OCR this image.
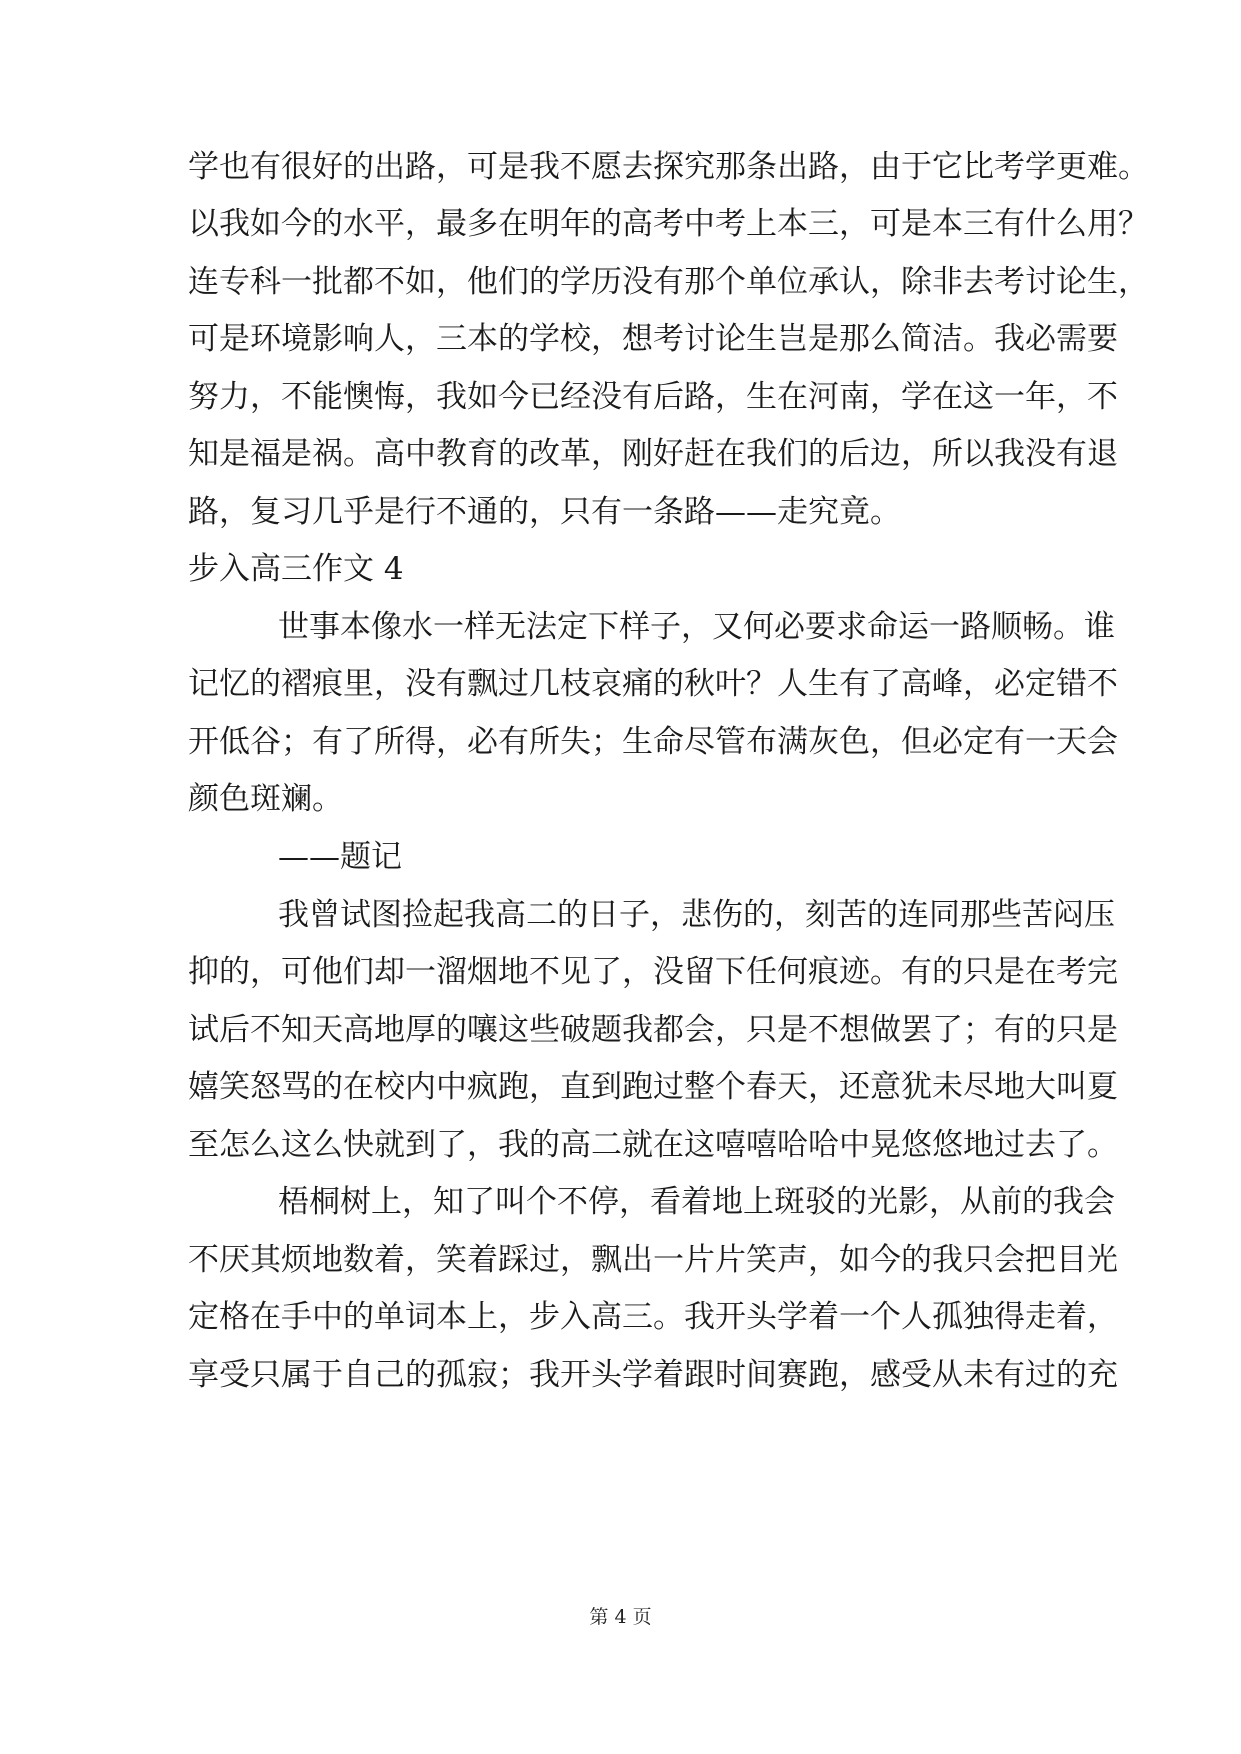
学也有很好的出路，可是我不愿去探究那条出路，由于它比考学更难。
以我如今的水平，最多在明年的高考中考上本三，可是本三有什么用？
连专科一批都不如，他们的学历没有那个单位承认，除非去考讨论生，
可是环境影响人，三本的学校，想考讨论生岂是那么简洁。我必需要
努力，不能懊悔，我如今已经没有后路，生在河南，学在这一年，不
知是福是祸。高中教育的改革，刚好赶在我们的后边，所以我没有退
路，复习几乎是行不通的，只有一条路——走究竟。
步入高三作文 4
世事本像水一样无法定下样子，又何必要求命运一路顺畅。谁
记忆的褶痕里，没有飘过几枝哀痛的秋叶？人生有了高峰，必定错不
开低谷；有了所得，必有所失；生命尽管布满灰色，但必定有一天会
颜色斑斓。
——题记
我曾试图捡起我高二的日子，悲伤的，刻苦的连同那些苦闷压
抑的，可他们却一溜烟地不见了，没留下任何痕迹。有的只是在考完
试后不知天高地厚的嚷这些破题我都会，只是不想做罢了；有的只是
嬉笑怒骂的在校内中疯跑，直到跑过整个春天，还意犹未尽地大叫夏
至怎么这么快就到了，我的高二就在这嘻嘻哈哈中晃悠悠地过去了。
梧桐树上，知了叫个不停，看着地上斑驳的光影，从前的我会
不厌其烦地数着，笑着踩过，飘出一片片笑声，如今的我只会把目光
定格在手中的单词本上，步入高三。我开头学着一个人孤独得走着，
享受只属于自己的孤寂；我开头学着跟时间赛跑，感受从未有过的充
第 4 页
